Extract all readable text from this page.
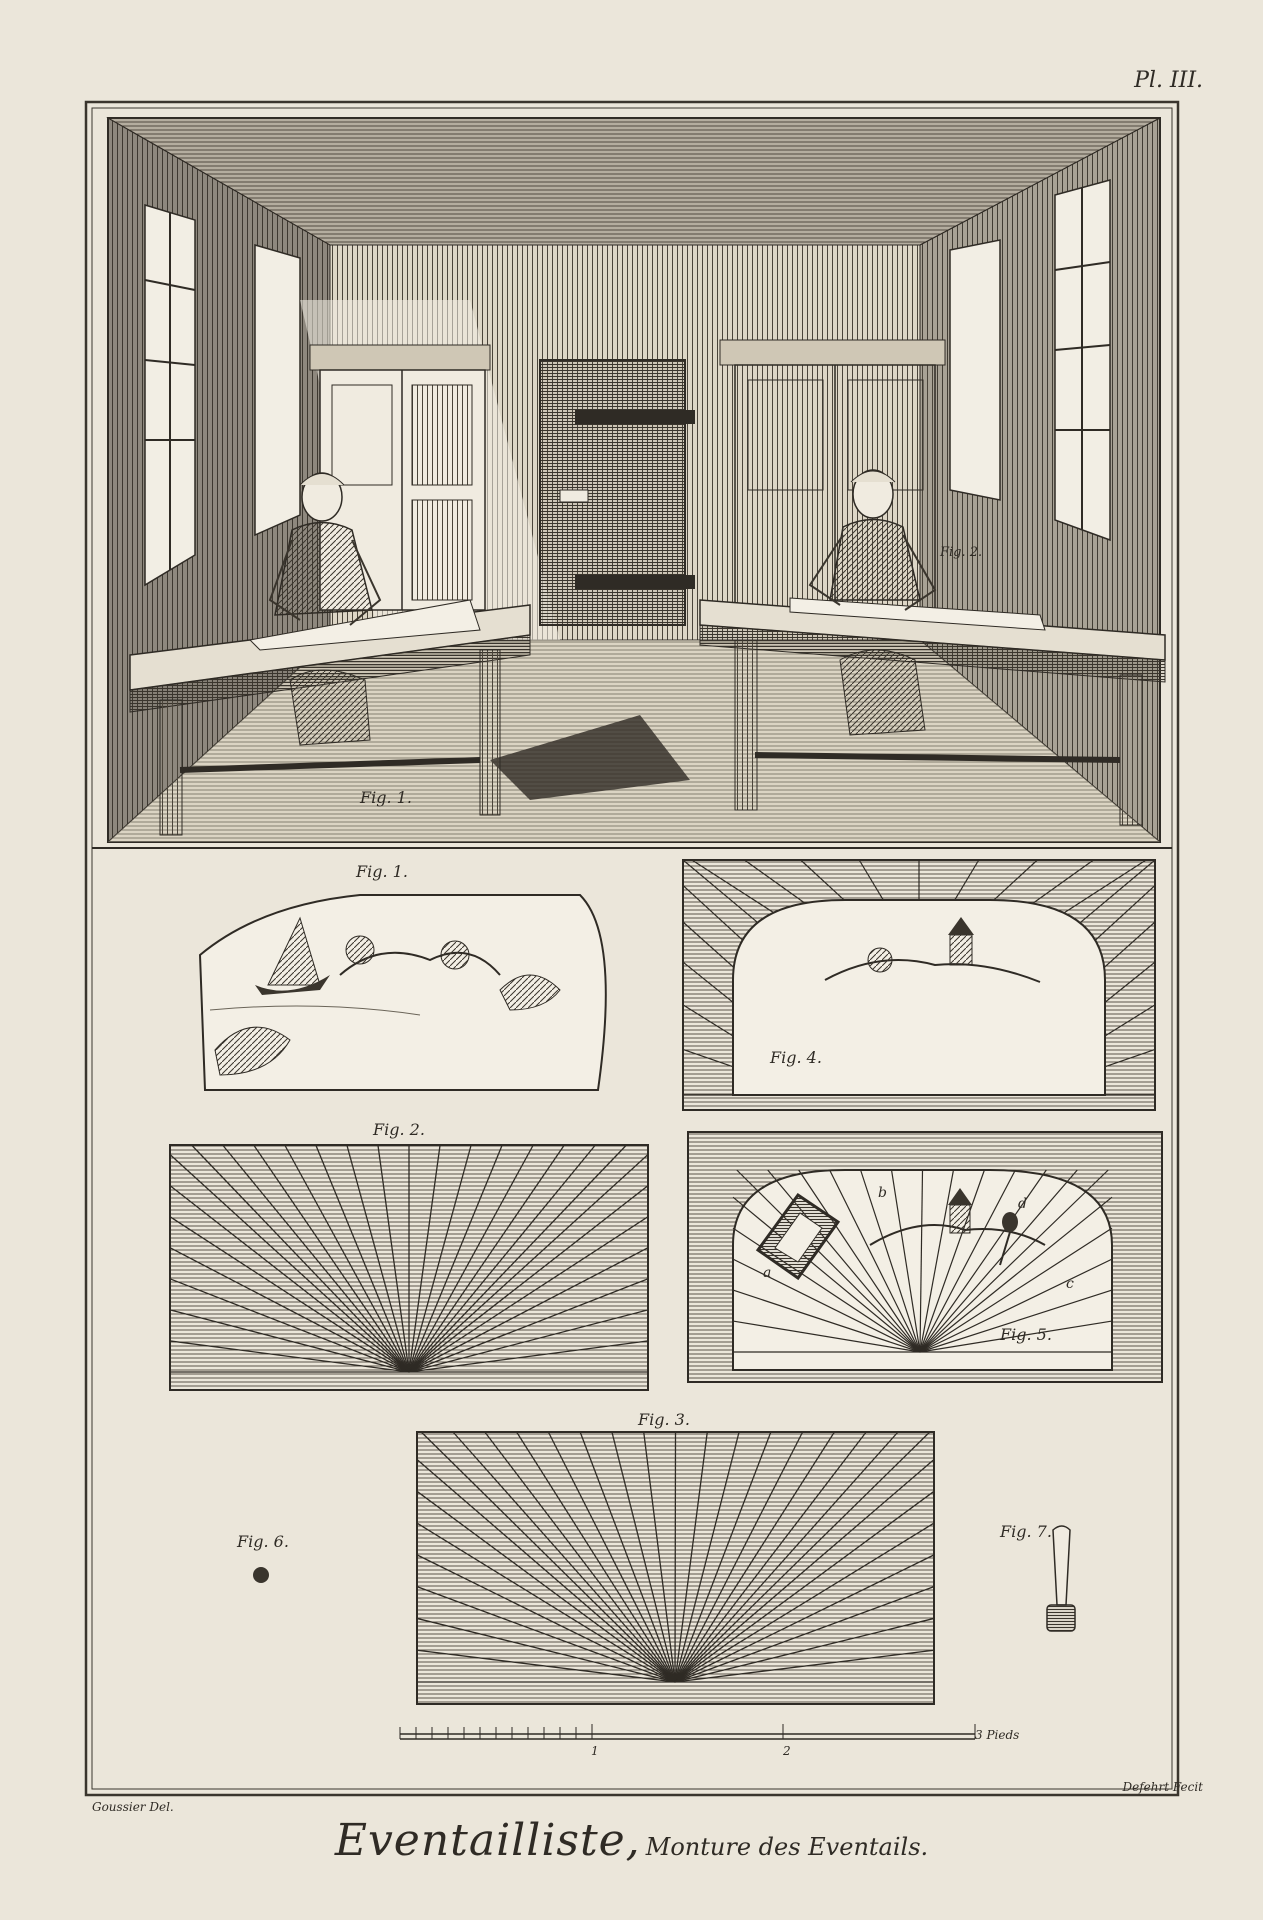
Pl. III.
Fig. 1.
Fig. 2.
Fig. 1.
Fig. 4.
Fig. 2.
Fig. 5.
Fig. 3.
Fig. 6.
Fig. 7.
a
b
c
d
1	2
3 Pieds
Goussier Del.
Defehrt Fecit
Eventailliste, Monture des Eventails.
